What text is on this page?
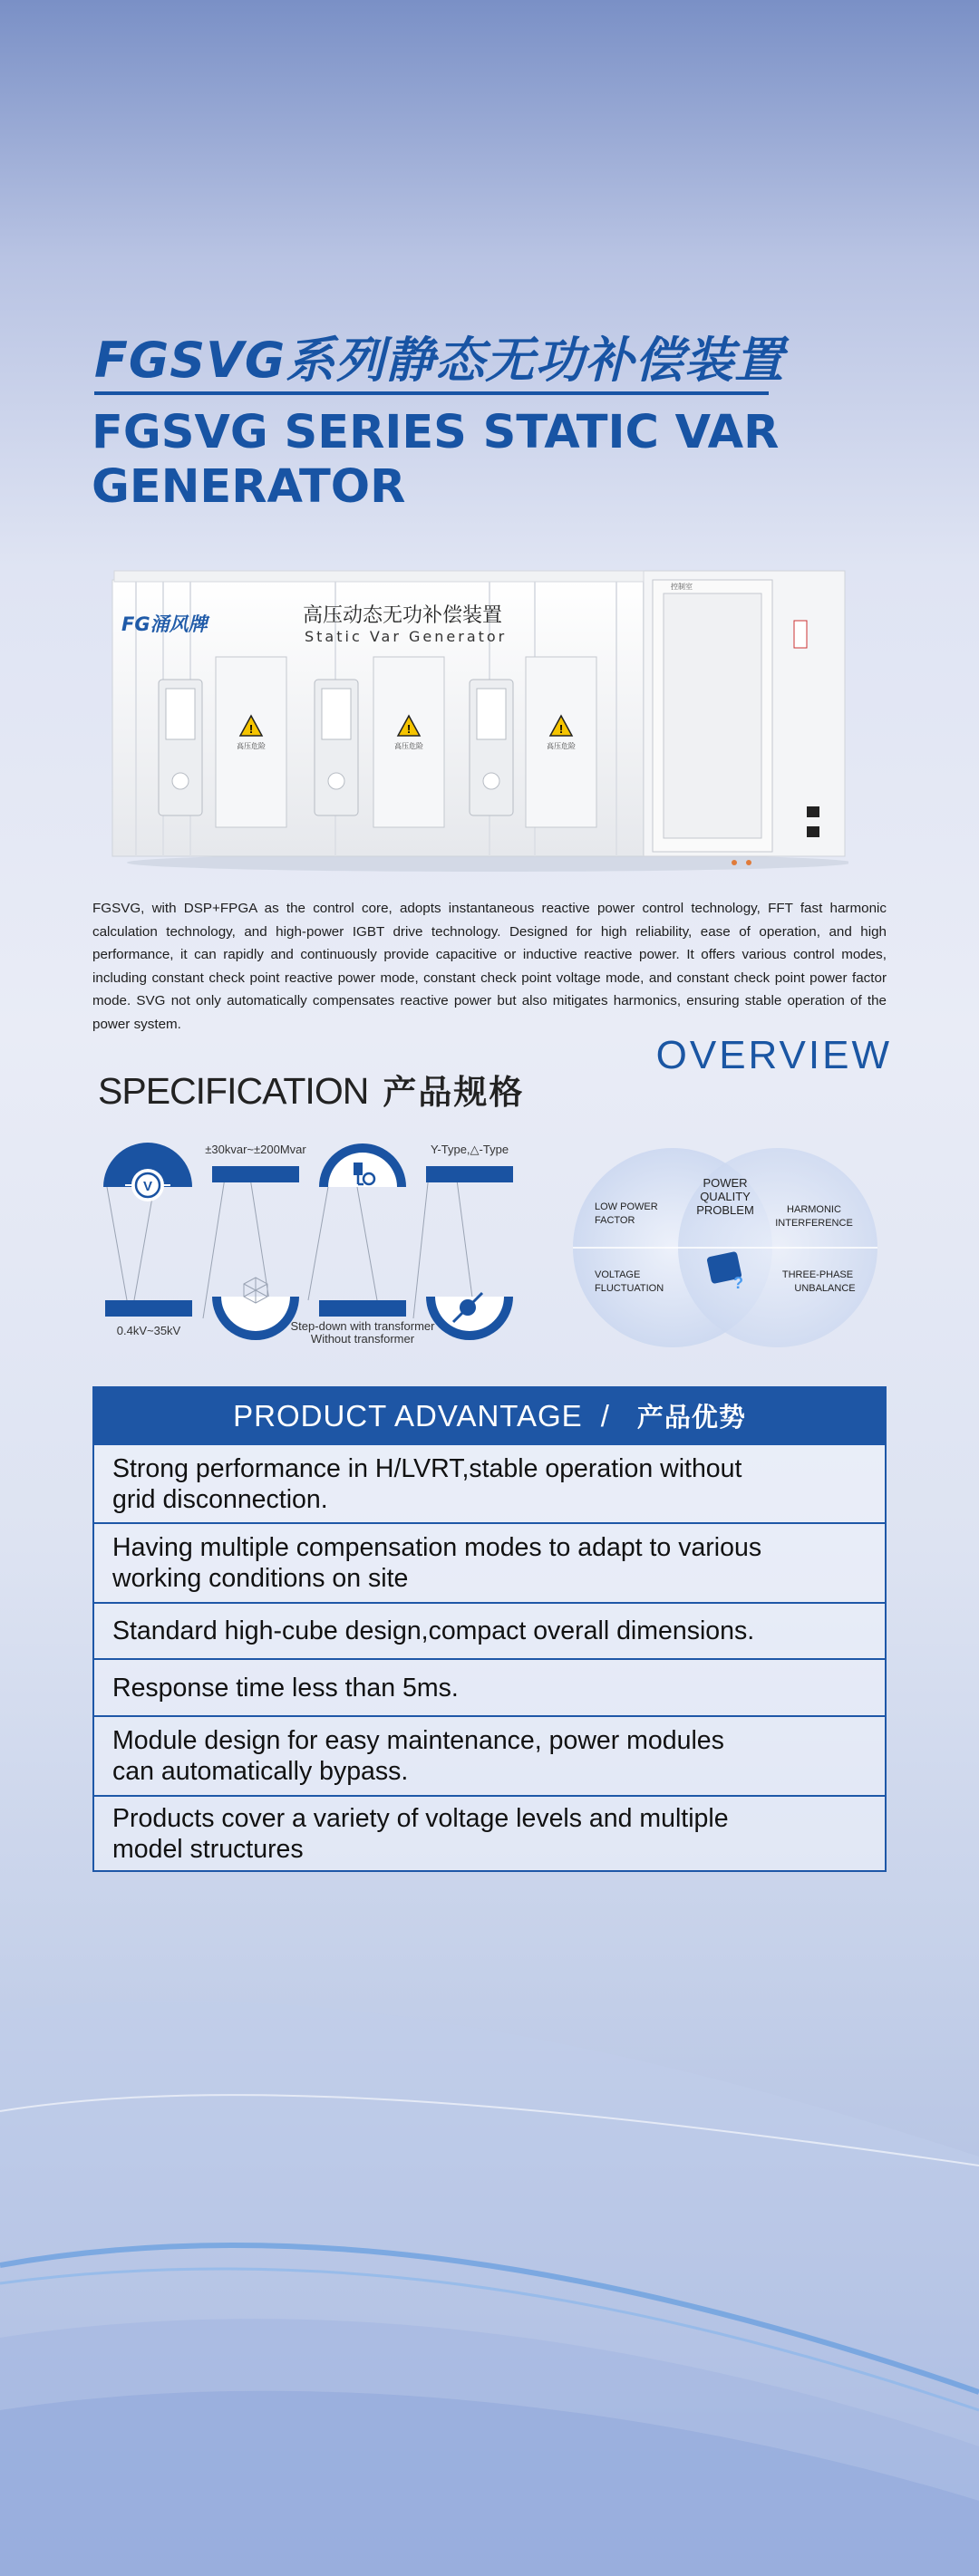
FGSVG系列静态无功补偿装置
FGSVG SERIES STATIC VAR GENERATOR
FG涌风牌	高压动态无功补偿装置
Static Var Generator
!	!	!
高压危险	高压危险	高压危险
控制室
FGSVG, with DSP+FPGA as the control core, adopts instantaneous reactive power control technology, FFT fast harmonic calculation technology, and high-power IGBT drive technology. Designed for high reliability, ease of operation, and high performance, it can rapidly and continuously provide capacitive or inductive reactive power. It offers various control modes, including constant check point reactive power mode, constant check point voltage mode, and constant check point power factor mode. SVG not only automatically compensates reactive power but also mitigates harmonics, ensuring stable operation of the power system.
OVERVIEW
SPECIFICATION 产品规格
V
0.4kV~35kV
±30kvar~±200Mvar
Step-down with transformer
Without transformer
Y-Type,△-Type
POWER
QUALITY
PROBLEM
?
LOW POWER
FACTOR
HARMONIC
INTERFERENCE
VOLTAGE
FLUCTUATION
THREE-PHASE
UNBALANCE
PRODUCT ADVANTAGE / 产品优势
Strong performance in H/LVRT,stable operation without
grid disconnection.
Having multiple compensation modes to adapt to various
working conditions on site
Standard high-cube design,compact overall dimensions.
Response time less than 5ms.
Module design for easy maintenance, power modules
can automatically bypass.
Products cover a variety of voltage levels and multiple
model structures
